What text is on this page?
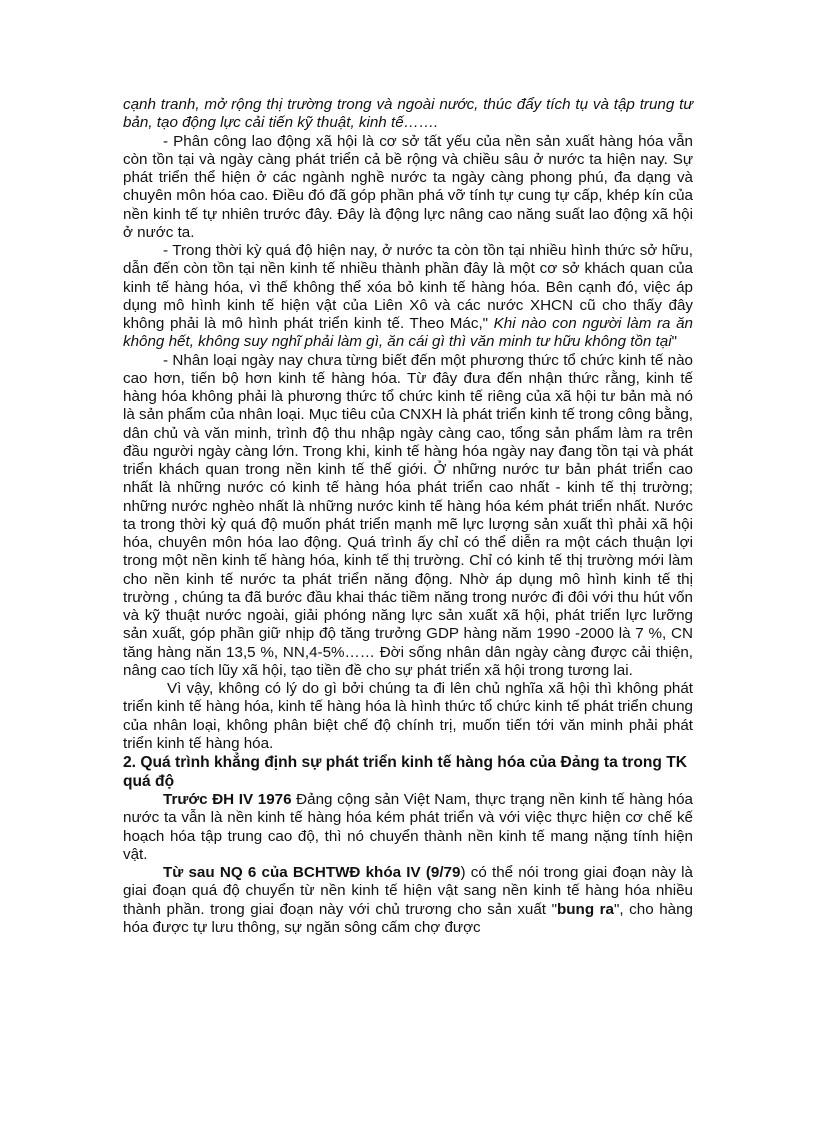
cạnh tranh, mở rộng thị trường trong và ngoài nước, thúc đẩy tích tụ và tập trung tư bản, tạo động lực cải tiến kỹ thuật, kinh tế…….

- Phân công lao động xã hội là cơ sở tất yếu của nền sản xuất hàng hóa vẫn còn tồn tại và ngày càng phát triển cả bề rộng và chiều sâu ở nước ta hiện nay. Sự phát triển thể hiện ở các ngành nghề nước ta ngày càng phong phú, đa dạng và chuyên môn hóa cao. Điều đó đã góp phần phá vỡ tính tự cung tự cấp, khép kín của nền kinh tế tự nhiên trước đây. Đây là động lực nâng cao năng suất lao động xã hội ở nước ta.

- Trong thời kỳ quá độ hiện nay, ở nước ta còn tồn tại nhiều hình thức sở hữu, dẫn đến còn tồn tại nền kinh tế nhiều thành phần đây là một cơ sở khách quan của kinh tế hàng hóa, vì thế không thể xóa bỏ kinh tế hàng hóa. Bên cạnh đó, việc áp dụng mô hình kinh tế hiện vật của Liên Xô và các nước XHCN cũ cho thấy đây không phải là mô hình phát triển kinh tế. Theo Mác," Khi nào con người làm ra ăn không hết, không suy nghĩ phải làm gì, ăn cái gì thì văn minh tư hữu không tồn tại"

- Nhân loại ngày nay chưa từng biết đến một phương thức tổ chức kinh tế nào cao hơn, tiến bộ hơn kinh tế hàng hóa. Từ đây đưa đến nhận thức rằng, kinh tế hàng hóa không phải là phương thức tổ chức kinh tế riêng của xã hội tư bản mà nó là sản phẩm của nhân loại. Mục tiêu của CNXH là phát triển kinh tế trong công bằng, dân chủ và văn minh, trình độ thu nhập ngày càng cao, tổng sản phẩm làm ra trên đầu người ngày càng lớn. Trong khi, kinh tế hàng hóa ngày nay đang tồn tại và phát triển khách quan trong nền kinh tế thế giới. Ở những nước tư bản phát triển cao nhất là những nước có kinh tế hàng hóa phát triển cao nhất - kinh tế thị trường; những nước nghèo nhất là những nước kinh tế hàng hóa kém phát triển nhất. Nước ta trong thời kỳ quá độ muốn phát triển mạnh mẽ lực lượng sản xuất thì phải xã hội hóa, chuyên môn hóa lao động. Quá trình ấy chỉ có thể diễn ra một cách thuận lợi trong một nền kinh tế hàng hóa, kinh tế thị trường. Chỉ có kinh tế thị trường mới làm cho nền kinh tế nước ta phát triển năng động. Nhờ áp dụng mô hình kinh tế thị trường , chúng ta đã bước đầu khai thác tiềm năng trong nước đi đôi với thu hút vốn và kỹ thuật nước ngoài, giải phóng năng lực sản xuất xã hội, phát triển lực lưỡng sản xuất, góp phần giữ nhịp độ tăng trưởng GDP hàng năm 1990 -2000 là 7 %, CN tăng hàng năn 13,5 %, NN,4-5%…… Đời sống nhân dân ngày càng được cải thiện, nâng cao tích lũy xã hội, tạo tiền đề cho sự phát triển xã hội trong tương lai.

Vì vậy, không có lý do gì bởi chúng ta đi lên chủ nghĩa xã hội thì không phát triển kinh tế hàng hóa, kinh tế hàng hóa là hình thức tổ chức kinh tế phát triển chung của nhân loại, không phân biệt chế độ chính trị, muốn tiến tới văn minh phải phát triển kinh tế hàng hóa.

2. Quá trình khẳng định sự phát triển kinh tế hàng hóa của Đảng ta trong TK quá độ

Trước ĐH IV 1976 Đảng cộng sản Việt Nam, thực trạng nền kinh tế hàng hóa nước ta vẫn là nền kinh tế hàng hóa kém phát triển và với việc thực hiện cơ chế kế hoạch hóa tập trung cao độ, thì nó chuyển thành nền kinh tế mang nặng tính hiện vật.

Từ sau NQ 6 của BCHTWĐ khóa IV (9/79) có thể nói trong giai đoạn này là giai đoạn quá độ chuyển từ nền kinh tế hiện vật sang nền kinh tế hàng hóa nhiều thành phần. trong giai đoạn này với chủ trương cho sản xuất "bung ra", cho hàng hóa được tự lưu thông, sự ngăn sông cấm chợ được
